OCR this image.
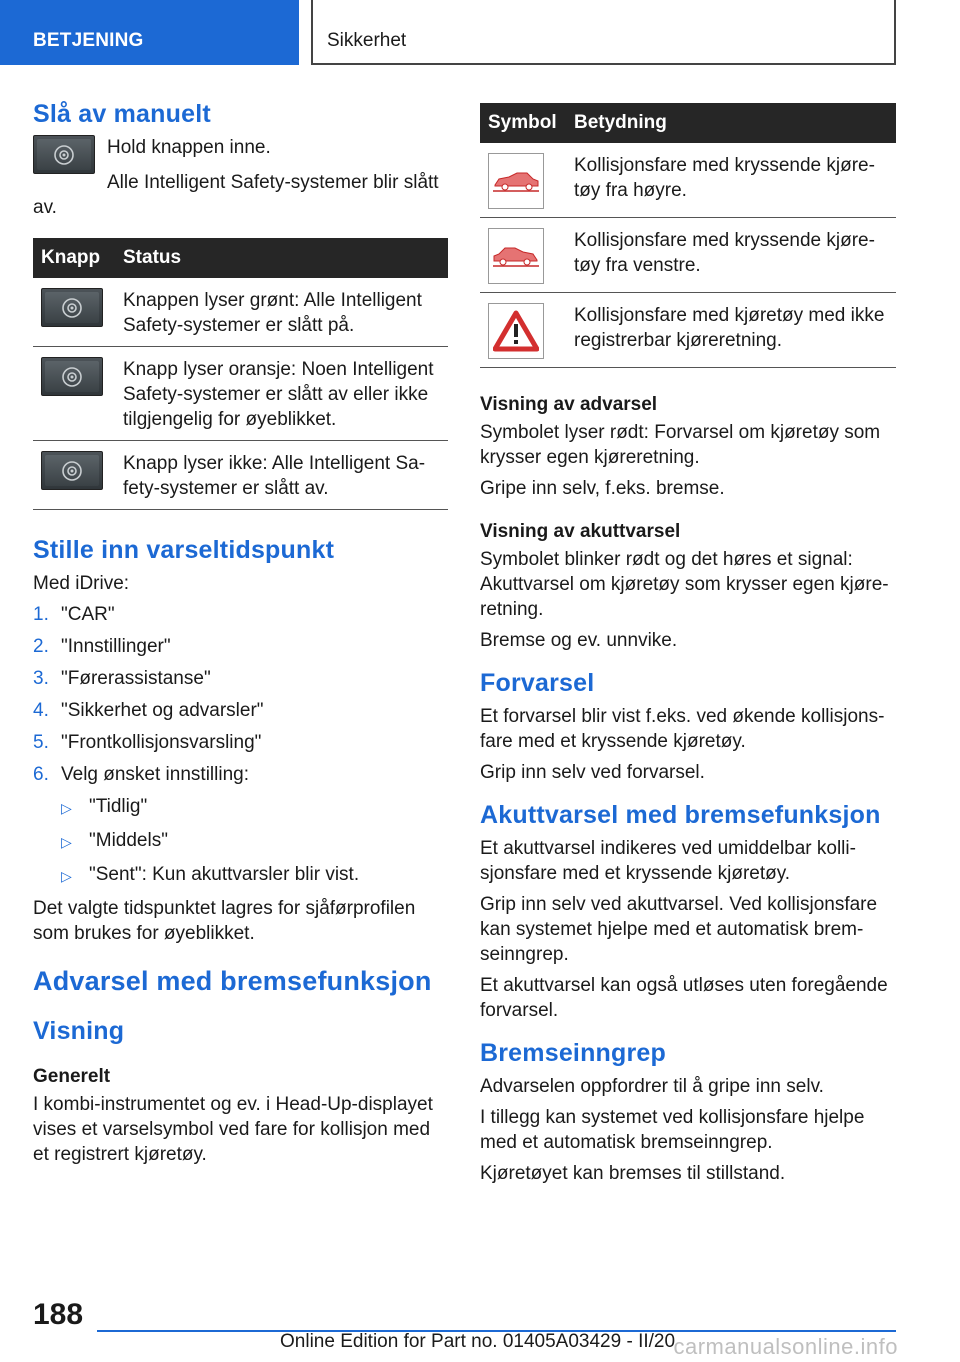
BETJENING	Sikkerhet
Slå av manuelt
Hold knappen inne.
Alle Intelligent Safety-systemer blir slått av.
Knapp	Status

	Knappen lyser grønt: Alle Intelligent Safety-systemer er slått på.

	Knapp lyser oransje: Noen Intelligent Safety-systemer er slått av eller ikke tilgjengelig for øyeblikket.

	Knapp lyser ikke: Alle Intelligent Sa-fety-systemer er slått av.
Stille inn varseltidspunkt
Med iDrive:
1. "CAR"
2. "Innstillinger"
3. "Førerassistanse"
4. "Sikkerhet og advarsler"
5. "Frontkollisjonsvarsling"
6. Velg ønsket innstilling:
▷ "Tidlig"
▷ "Middels"
▷ "Sent": Kun akuttvarsler blir vist.
Det valgte tidspunktet lagres for sjåførprofilen som brukes for øyeblikket.
Advarsel med bremsefunksjon
Visning
Generelt
I kombi-instrumentet og ev. i Head-Up-displayet vises et varselsymbol ved fare for kollisjon med et registrert kjøretøy.
Symbol	Betydning

	Kollisjonsfare med kryssende kjøre-tøy fra høyre.

	Kollisjonsfare med kryssende kjøre-tøy fra venstre.

	Kollisjonsfare med kjøretøy med ikke registrerbar kjøreretning.
Visning av advarsel
Symbolet lyser rødt: Forvarsel om kjøretøy som krysser egen kjøreretning.
Gripe inn selv, f.eks. bremse.
Visning av akuttvarsel
Symbolet blinker rødt og det høres et signal: Akuttvarsel om kjøretøy som krysser egen kjøre-retning.
Bremse og ev. unnvike.
Forvarsel
Et forvarsel blir vist f.eks. ved økende kollisjons-fare med et kryssende kjøretøy.
Grip inn selv ved forvarsel.
Akuttvarsel med bremsefunksjon
Et akuttvarsel indikeres ved umiddelbar kolli-sjonsfare med et kryssende kjøretøy.
Grip inn selv ved akuttvarsel. Ved kollisjonsfare kan systemet hjelpe med et automatisk brem-seinngrep.
Et akuttvarsel kan også utløses uten foregående forvarsel.
Bremseinngrep
Advarselen oppfordrer til å gripe inn selv.
I tillegg kan systemet ved kollisjonsfare hjelpe med et automatisk bremseinngrep.
Kjøretøyet kan bremses til stillstand.
188
Online Edition for Part no. 01405A03429 - II/20
carmanualsonline.info
